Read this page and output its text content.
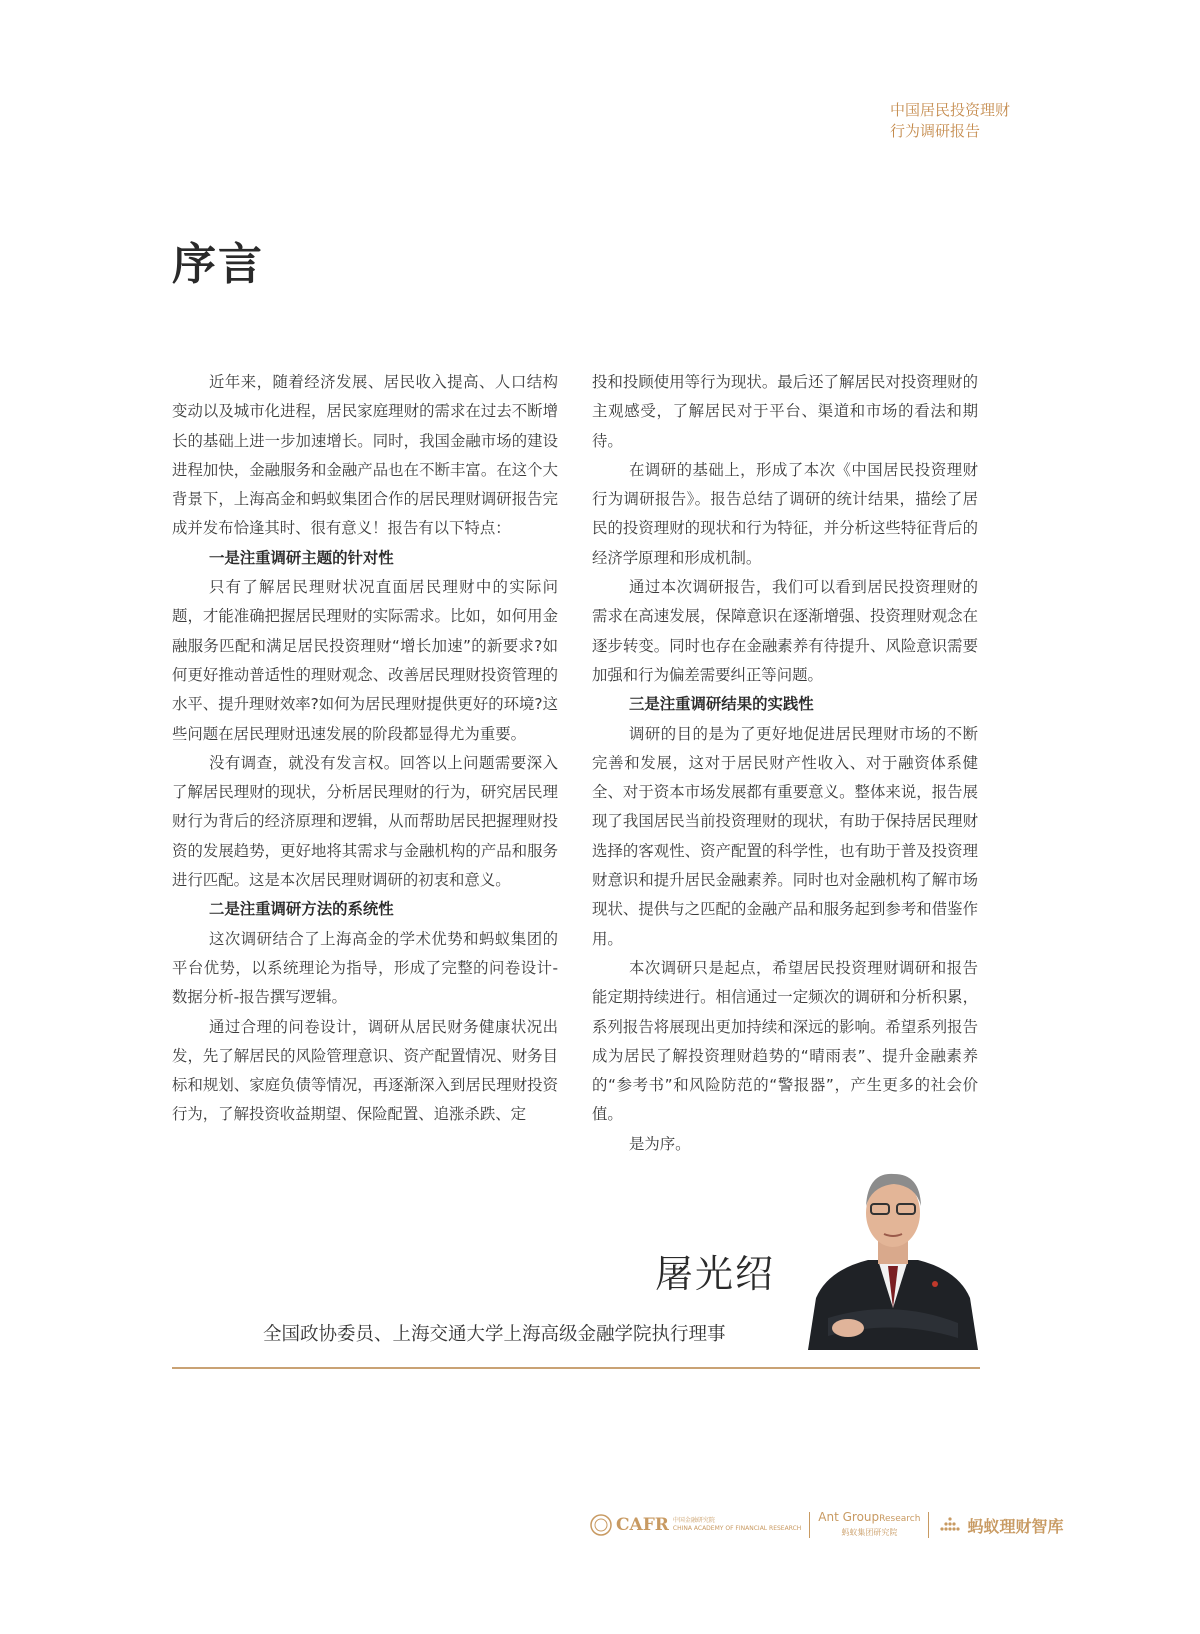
中国居民投资理财
行为调研报告
序言

近年来，随着经济发展、居民收入提高、人口结构变动以及城市化进程，居民家庭理财的需求在过去不断增长的基础上进一步加速增长。同时，我国金融市场的建设进程加快，金融服务和金融产品也在不断丰富。在这个大背景下，上海高金和蚂蚁集团合作的居民理财调研报告完成并发布恰逢其时、很有意义！报告有以下特点：

一是注重调研主题的针对性

只有了解居民理财状况直面居民理财中的实际问题，才能准确把握居民理财的实际需求。比如，如何用金融服务匹配和满足居民投资理财“增长加速”的新要求?如何更好推动普适性的理财观念、改善居民理财投资管理的水平、提升理财效率?如何为居民理财提供更好的环境?这些问题在居民理财迅速发展的阶段都显得尤为重要。

没有调查，就没有发言权。回答以上问题需要深入了解居民理财的现状，分析居民理财的行为，研究居民理财行为背后的经济原理和逻辑，从而帮助居民把握理财投资的发展趋势，更好地将其需求与金融机构的产品和服务进行匹配。这是本次居民理财调研的初衷和意义。

二是注重调研方法的系统性

这次调研结合了上海高金的学术优势和蚂蚁集团的平台优势，以系统理论为指导，形成了完整的问卷设计-数据分析-报告撰写逻辑。

通过合理的问卷设计，调研从居民财务健康状况出发，先了解居民的风险管理意识、资产配置情况、财务目标和规划、家庭负债等情况，再逐渐深入到居民理财投资行为，了解投资收益期望、保险配置、追涨杀跌、定

投和投顾使用等行为现状。最后还了解居民对投资理财的主观感受，了解居民对于平台、渠道和市场的看法和期待。

在调研的基础上，形成了本次《中国居民投资理财行为调研报告》。报告总结了调研的统计结果，描绘了居民的投资理财的现状和行为特征，并分析这些特征背后的经济学原理和形成机制。

通过本次调研报告，我们可以看到居民投资理财的需求在高速发展，保障意识在逐渐增强、投资理财观念在逐步转变。同时也存在金融素养有待提升、风险意识需要加强和行为偏差需要纠正等问题。

三是注重调研结果的实践性

调研的目的是为了更好地促进居民理财市场的不断完善和发展，这对于居民财产性收入、对于融资体系健全、对于资本市场发展都有重要意义。整体来说，报告展现了我国居民当前投资理财的现状，有助于保持居民理财选择的客观性、资产配置的科学性，也有助于普及投资理财意识和提升居民金融素养。同时也对金融机构了解市场现状、提供与之匹配的金融产品和服务起到参考和借鉴作用。

本次调研只是起点，希望居民投资理财调研和报告能定期持续进行。相信通过一定频次的调研和分析积累，系列报告将展现出更加持续和深远的影响。希望系列报告成为居民了解投资理财趋势的“晴雨表”、提升金融素养的“参考书”和风险防范的“警报器”，产生更多的社会价值。

是为序。

屠光绍
全国政协委员、上海交通大学上海高级金融学院执行理事
CAFR 中国金融研究院
CHINA ACADEMY OF FINANCIAL RESEARCH
Ant GroupResearch
蚂蚁集团研究院	蚂蚁理财智库
